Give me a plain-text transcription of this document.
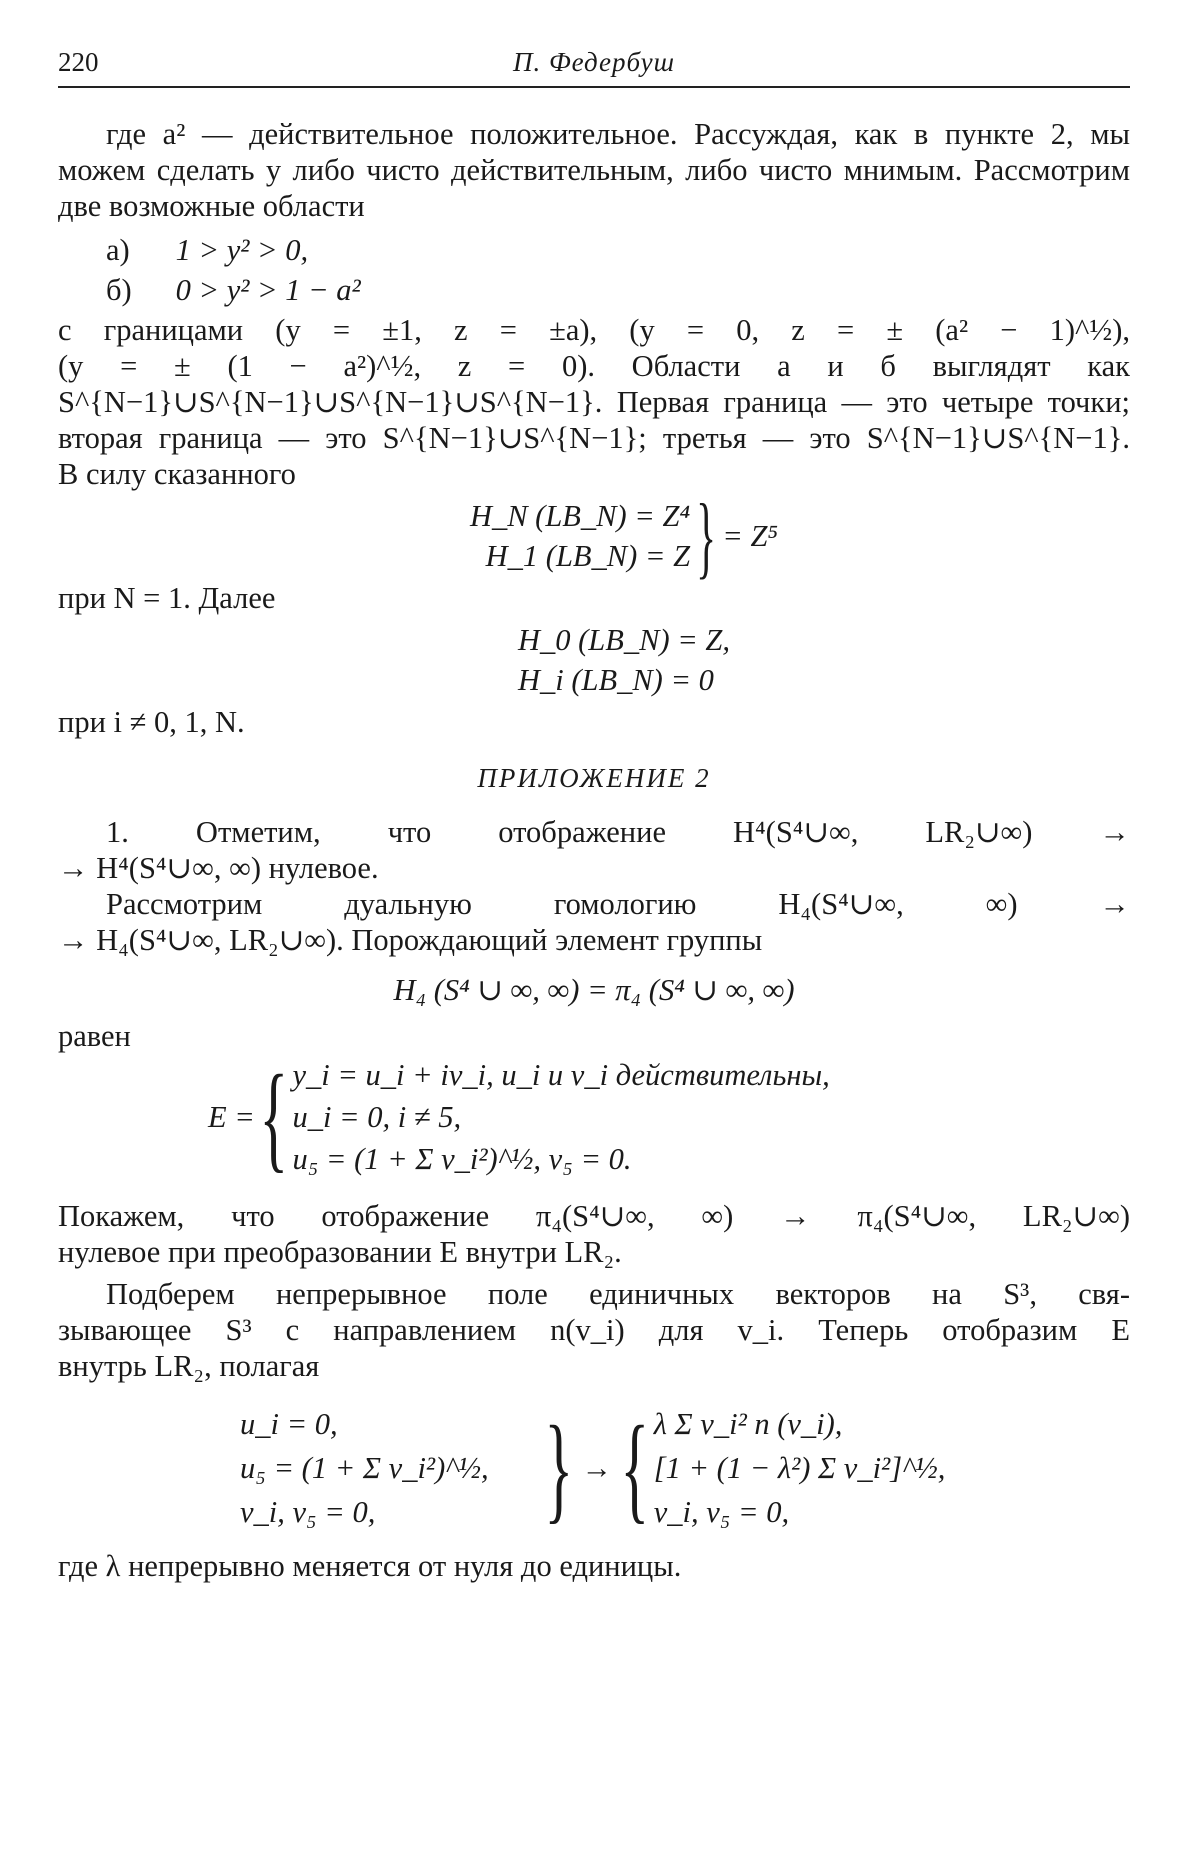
220	П. Федербуш

где a² — действительное положительное. Рассуждая, как в пункте 2, мы можем сделать y либо чисто действительным, либо чисто мнимым. Рассмотрим две возможные области

а) 1 > y² > 0,
б) 0 > y² > 1 − a²

с границами (y = ±1, z = ±a), (y = 0, z = ± (a² − 1)^½),

(y = ± (1 − a²)^½, z = 0). Области а и б выглядят как

S^{N−1}∪S^{N−1}∪S^{N−1}∪S^{N−1}. Первая граница — это четыре точки;

вторая граница — это S^{N−1}∪S^{N−1}; третья — это S^{N−1}∪S^{N−1}.

В силу сказанного

H_N (LB_N) = Z⁴
H_1 (LB_N) = Z } = Z⁵

при N = 1. Далее

H_0 (LB_N) = Z,
H_i (LB_N) = 0

при i ≠ 0, 1, N.

ПРИЛОЖЕНИЕ 2

1. Отметим, что отображение H⁴(S⁴∪∞, LR₂∪∞) →

→ H⁴(S⁴∪∞, ∞) нулевое.

Рассмотрим дуальную гомологию H₄(S⁴∪∞, ∞) →

→ H₄(S⁴∪∞, LR₂∪∞). Порождающий элемент группы

H₄ (S⁴ ∪ ∞, ∞) = π₄ (S⁴ ∪ ∞, ∞)

равен

E = { y_i = u_i + iv_i, u_i и v_i действительны,
u_i = 0, i ≠ 5,
u₅ = (1 + Σ v_i²)^½, v₅ = 0.

Покажем, что отображение π₄(S⁴∪∞, ∞) → π₄(S⁴∪∞, LR₂∪∞)

нулевое при преобразовании E внутри LR₂.

Подберем непрерывное поле единичных векторов на S³, свя-

зывающее S³ с направлением n(v_i) для v_i. Теперь отобразим E

внутрь LR₂, полагая

u_i = 0,
u₅ = (1 + Σ v_i²)^½,
v_i, v₅ = 0,	} → { λ Σ v_i² n (v_i),
[1 + (1 − λ²) Σ v_i²]^½,
v_i, v₅ = 0,

где λ непрерывно меняется от нуля до единицы.
